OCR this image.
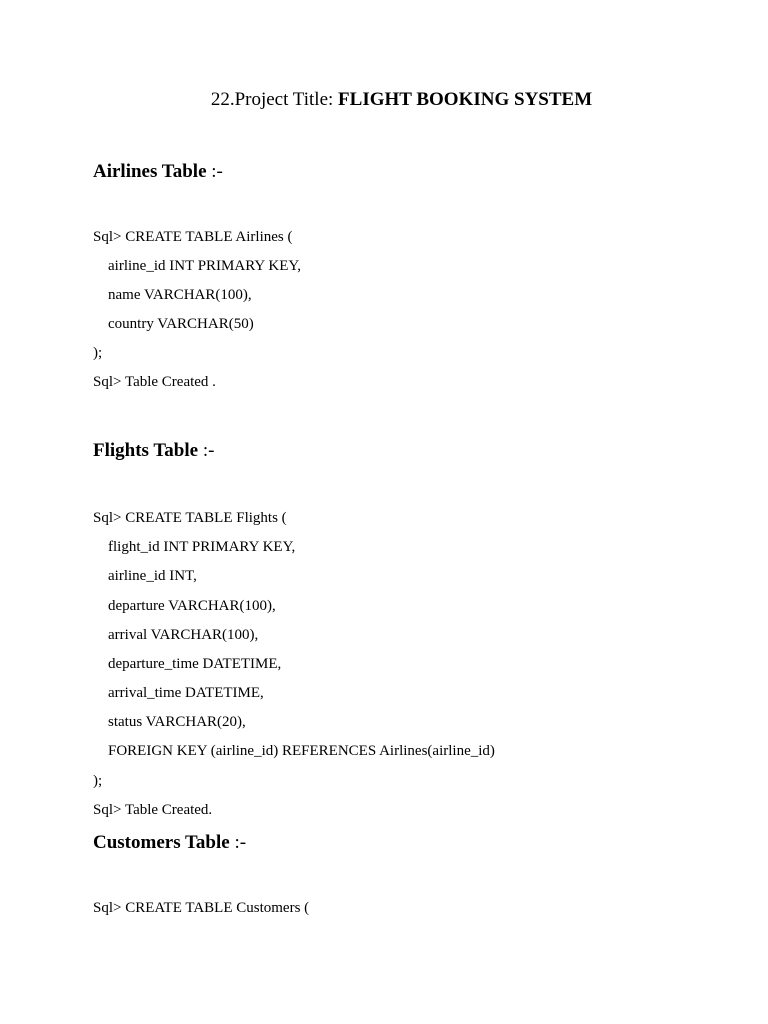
22.Project Title: FLIGHT BOOKING SYSTEM
Airlines Table :-
Sql> CREATE TABLE Airlines (
airline_id INT PRIMARY KEY,
name VARCHAR(100),
country VARCHAR(50)
);
Sql> Table Created .
Flights Table :-
Sql> CREATE TABLE Flights (
flight_id INT PRIMARY KEY,
airline_id INT,
departure VARCHAR(100),
arrival VARCHAR(100),
departure_time DATETIME,
arrival_time DATETIME,
status VARCHAR(20),
FOREIGN KEY (airline_id) REFERENCES Airlines(airline_id)
);
Sql> Table Created.
Customers Table :-
Sql> CREATE TABLE Customers (
